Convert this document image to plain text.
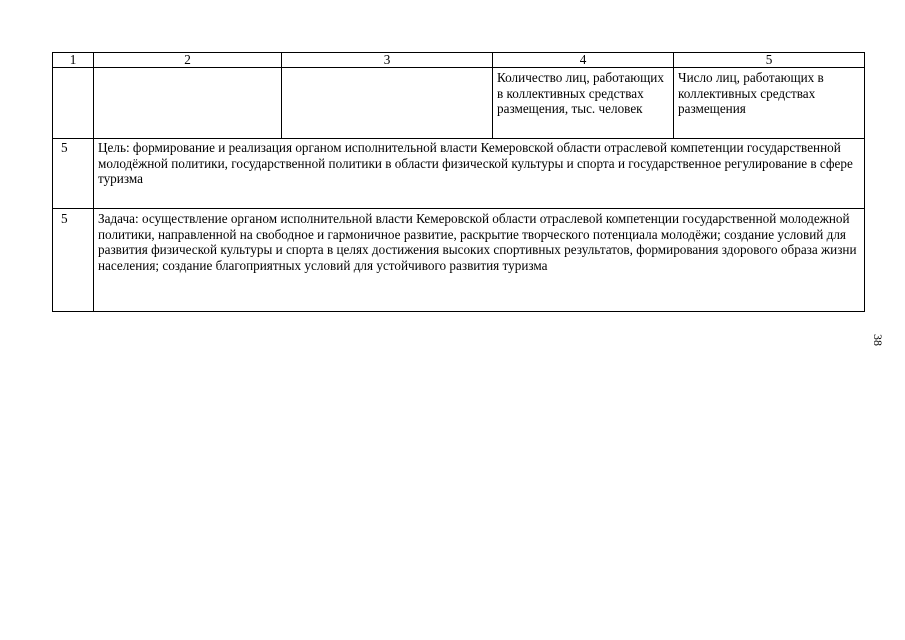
1	2	3	4	5
			Количество лиц, работающих в коллективных средствах размещения, тыс. человек	Число лиц, работающих в коллективных средствах размещения
5	Цель: формирование и реализация органом исполнительной власти Кемеровской области отраслевой компетенции государственной молодёжной политики, государственной политики в области физической культуры и спорта и государственное регулирование в сфере туризма			
5	Задача: осуществление органом исполнительной власти Кемеровской области отраслевой компетенции государственной молодежной политики, направленной на свободное и гармоничное развитие, раскрытие творческого потенциала молодёжи; создание условий для развития физической культуры и спорта в целях достижения высоких спортивных результатов, формирования здорового образа жизни населения; создание благоприятных условий для устойчивого развития туризма			
38
